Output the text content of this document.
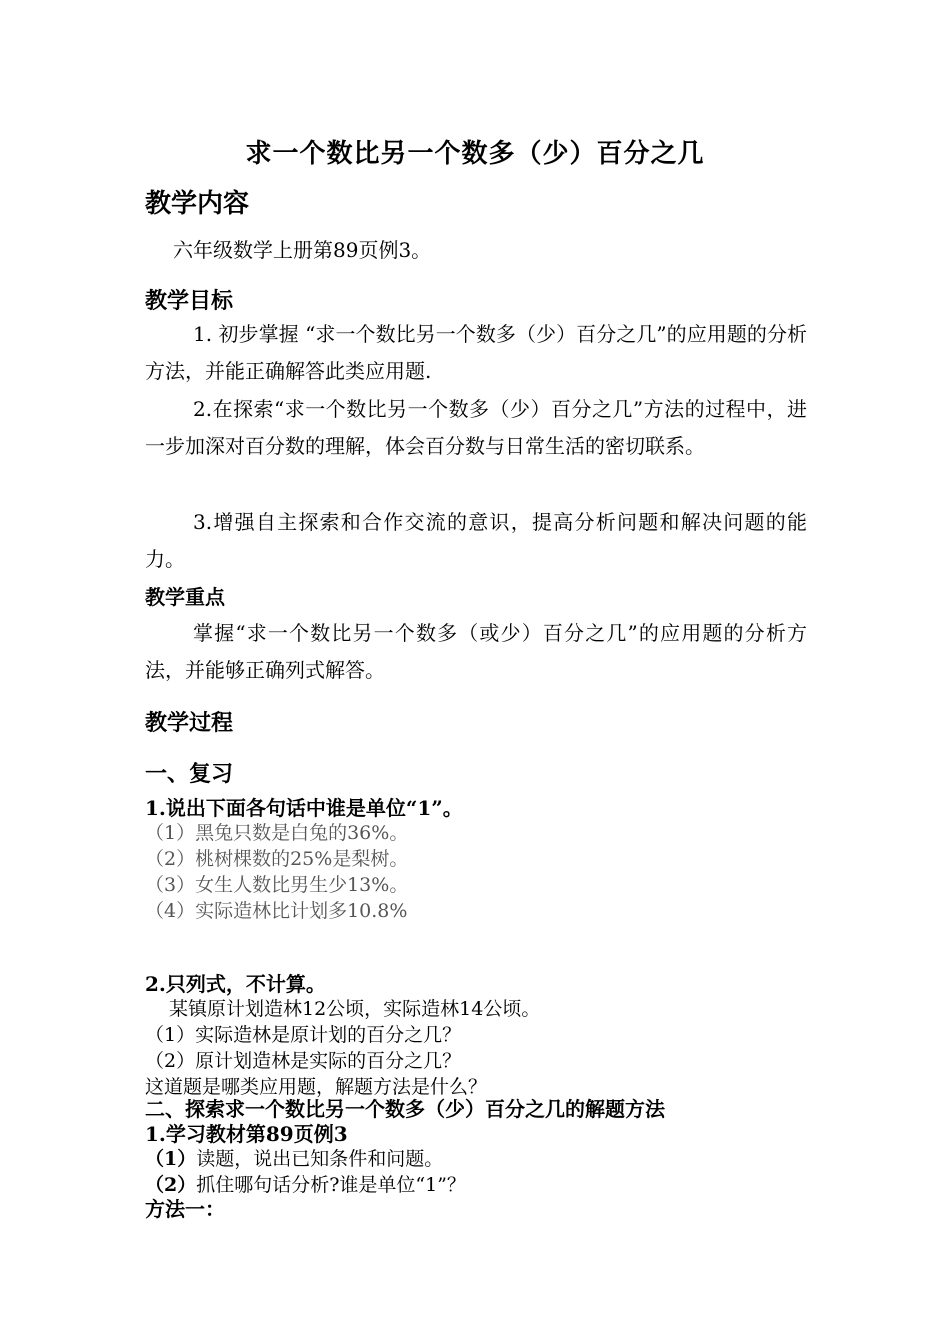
求一个数比另一个数多（少）百分之几
教学内容
六年级数学上册第89页例3。
教学目标

1. 初步掌握 “求一个数比另一个数多（少）百分之几”的应用题的分析方法，并能正确解答此类应用题.

2.在探索“求一个数比另一个数多（少）百分之几”方法的过程中，进一步加深对百分数的理解，体会百分数与日常生活的密切联系。

3.增强自主探索和合作交流的意识，提高分析问题和解决问题的能力。

教学重点

掌握“求一个数比另一个数多（或少）百分之几”的应用题的分析方法，并能够正确列式解答。

教学过程
一、复习
1.说出下面各句话中谁是单位“1”。
（1）黑兔只数是白兔的36%。
（2）桃树棵数的25%是梨树。
（3）女生人数比男生少13%。
（4）实际造林比计划多10.8%
2.只列式，不计算。
某镇原计划造林12公顷，实际造林14公顷。
（1）实际造林是原计划的百分之几？
（2）原计划造林是实际的百分之几？
这道题是哪类应用题，解题方法是什么？
二、探索求一个数比另一个数多（少）百分之几的解题方法
1.学习教材第89页例3
（1）读题，说出已知条件和问题。
（2）抓住哪句话分析?谁是单位“1”？
方法一：
